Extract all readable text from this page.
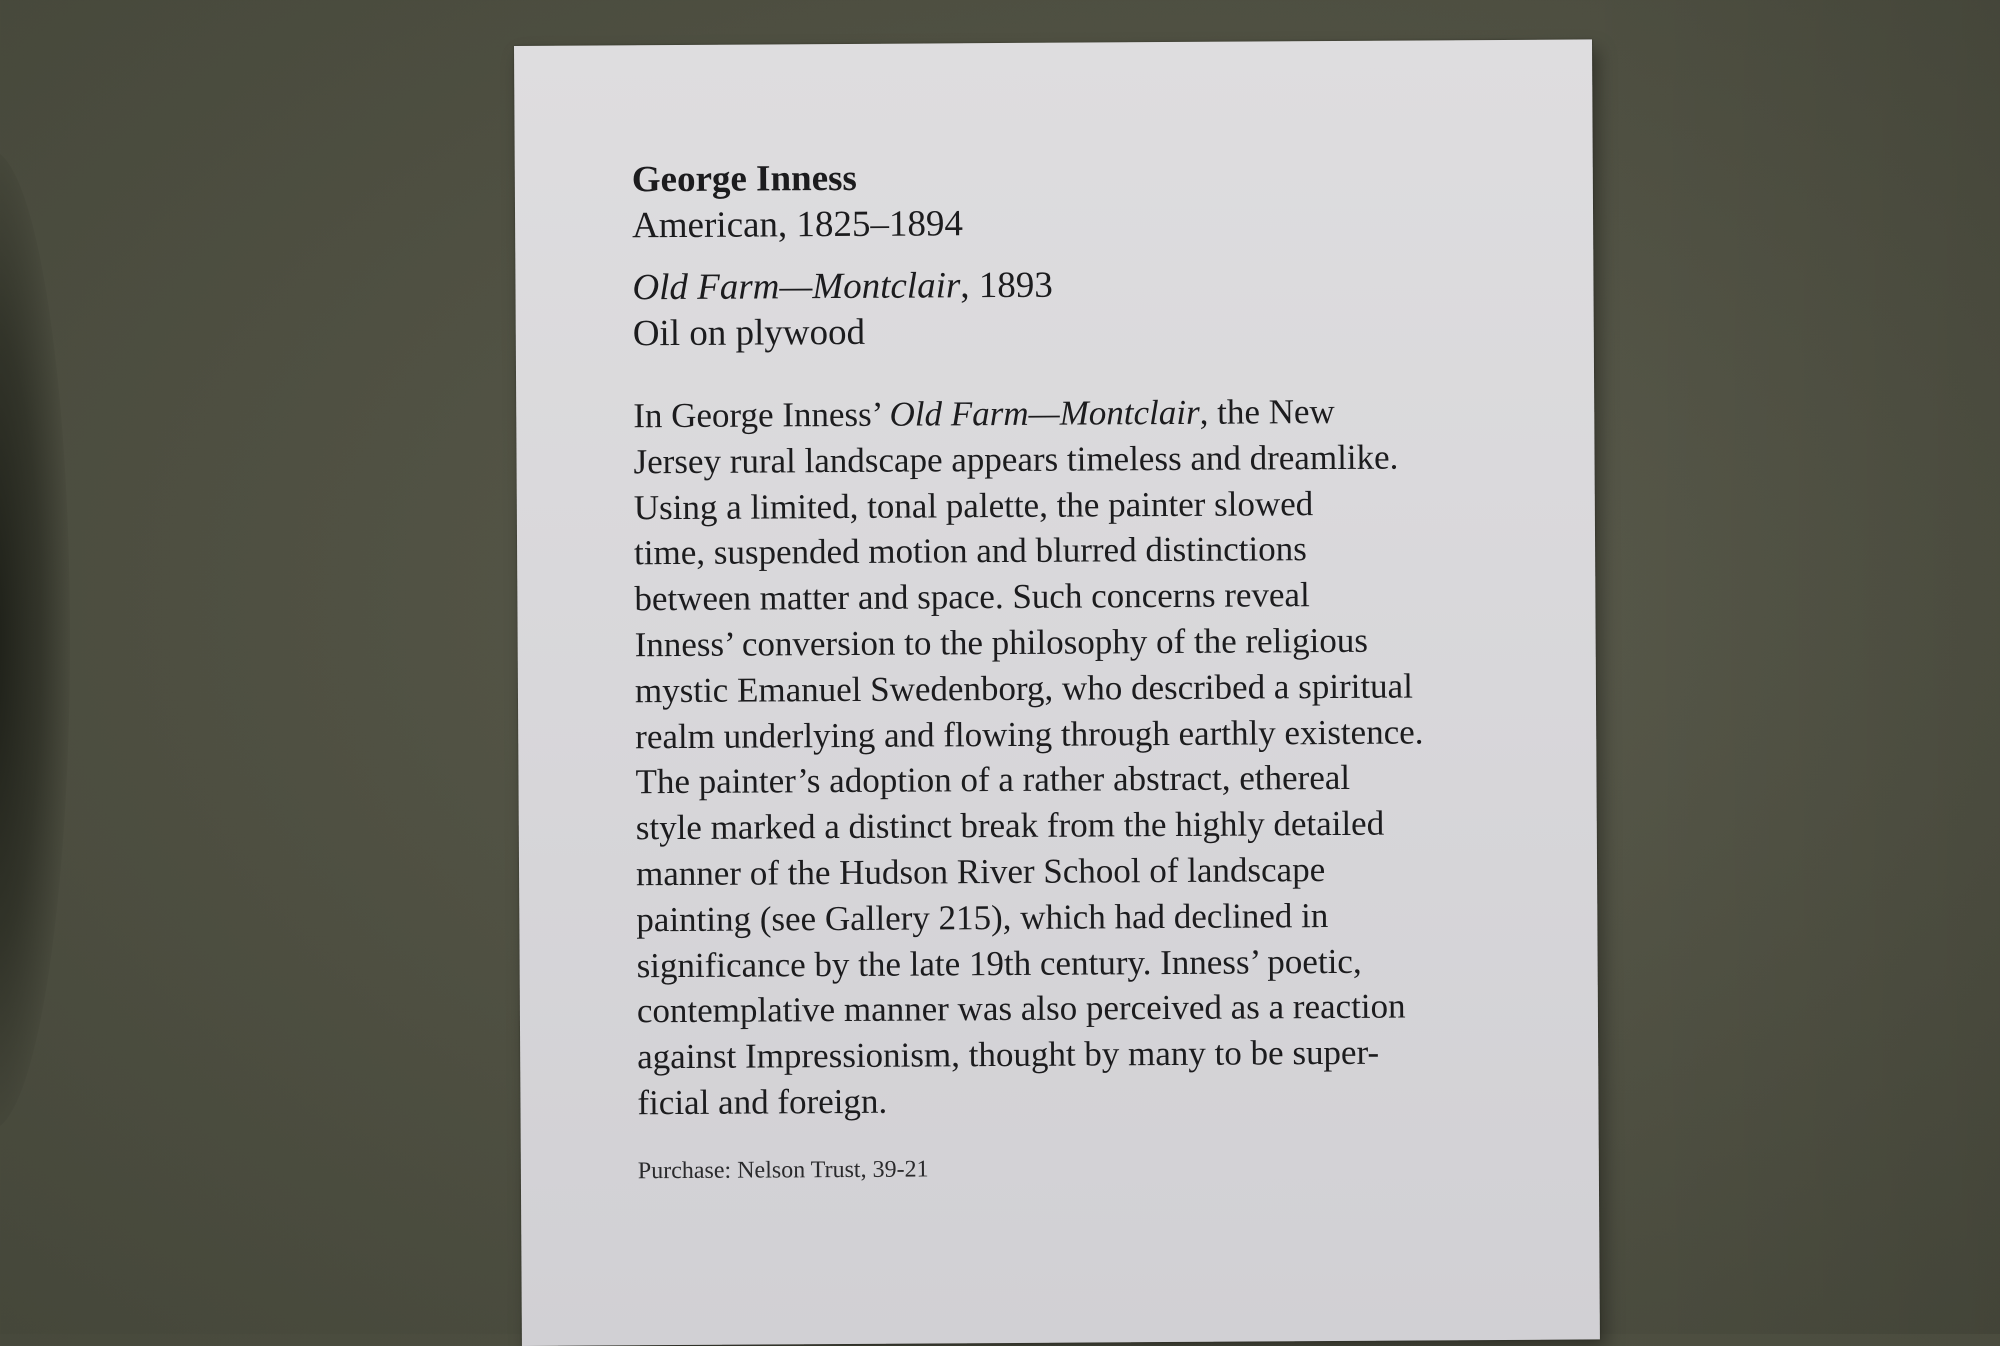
George Inness

American, 1825–1894

Old Farm—Montclair, 1893

Oil on plywood

In George Inness’ Old Farm—Montclair, the New
Jersey rural landscape appears timeless and dreamlike.
Using a limited, tonal palette, the painter slowed
time, suspended motion and blurred distinctions
between matter and space. Such concerns reveal
Inness’ conversion to the philosophy of the religious
mystic Emanuel Swedenborg, who described a spiritual
realm underlying and flowing through earthly existence.
The painter’s adoption of a rather abstract, ethereal
style marked a distinct break from the highly detailed
manner of the Hudson River School of landscape
painting (see Gallery 215), which had declined in
significance by the late 19th century. Inness’ poetic,
contemplative manner was also perceived as a reaction
against Impressionism, thought by many to be super-
ficial and foreign.

Purchase: Nelson Trust, 39-21
